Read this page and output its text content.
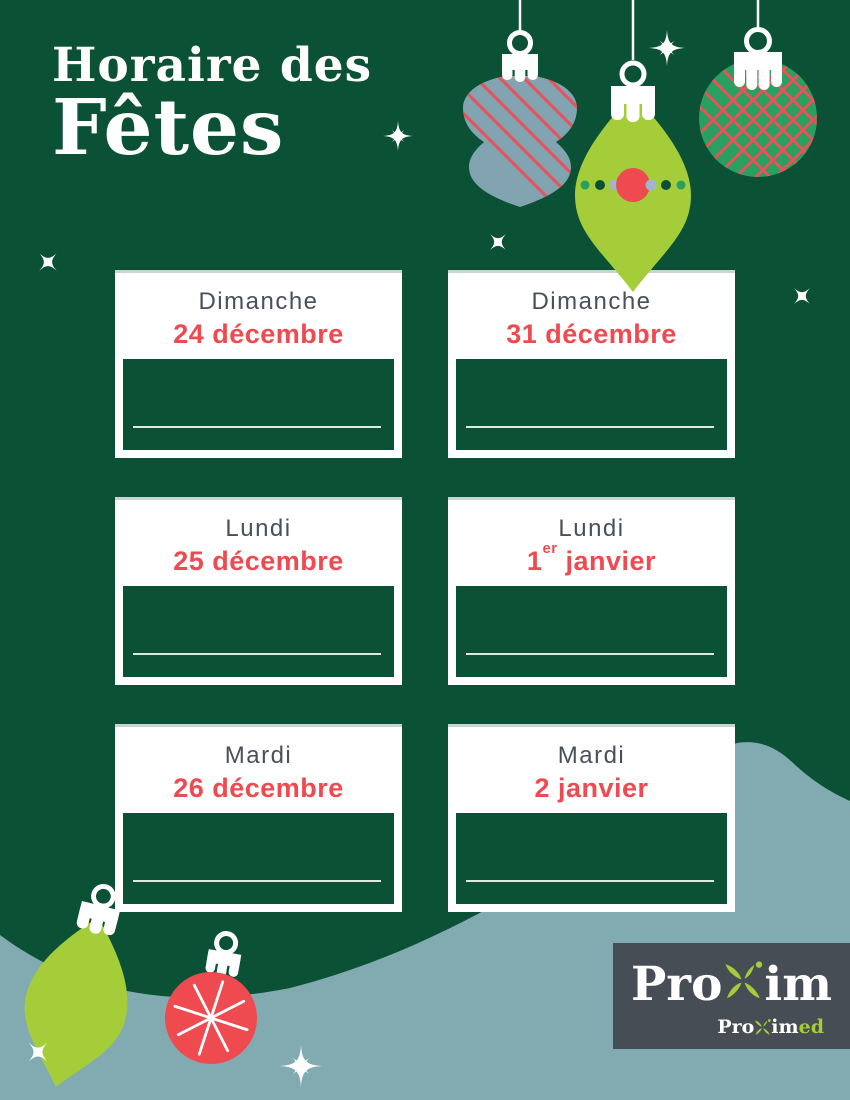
Horaire des
Fêtes
Dimanche
24 décembre
Dimanche
31 décembre
Lundi
25 décembre
Lundi
1er janvier
Mardi
26 décembre
Mardi
2 janvier
Pro im
Pro im ed
